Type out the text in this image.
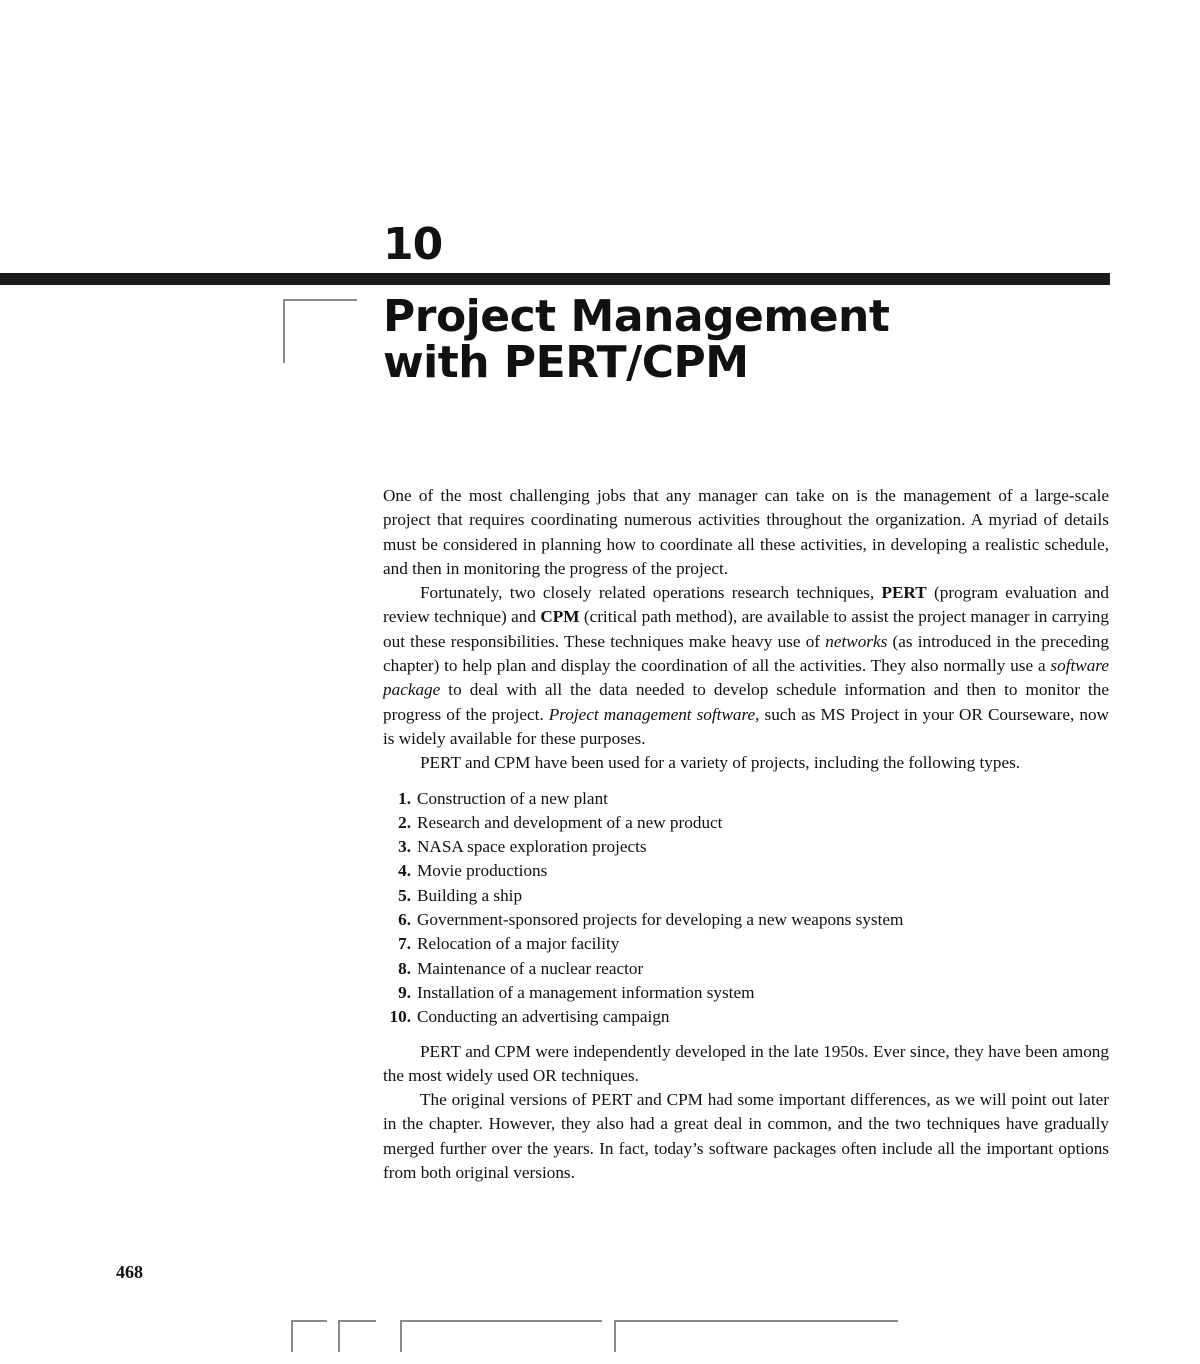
10
Project Management
with PERT/CPM

One of the most challenging jobs that any manager can take on is the management of a large-scale project that requires coordinating numerous activities throughout the organization. A myriad of details must be considered in planning how to coordinate all these activities, in developing a realistic schedule, and then in monitoring the progress of the project.

Fortunately, two closely related operations research techniques, PERT (program evaluation and review technique) and CPM (critical path method), are available to assist the project manager in carrying out these responsibilities. These techniques make heavy use of networks (as introduced in the preceding chapter) to help plan and display the coordination of all the activities. They also normally use a software package to deal with all the data needed to develop schedule information and then to monitor the progress of the project. Project management software, such as MS Project in your OR Courseware, now is widely available for these purposes.

PERT and CPM have been used for a variety of projects, including the following types.

1. Construction of a new plant
2. Research and development of a new product
3. NASA space exploration projects
4. Movie productions
5. Building a ship
6. Government-sponsored projects for developing a new weapons system
7. Relocation of a major facility
8. Maintenance of a nuclear reactor
9. Installation of a management information system
10. Conducting an advertising campaign

PERT and CPM were independently developed in the late 1950s. Ever since, they have been among the most widely used OR techniques.

The original versions of PERT and CPM had some important differences, as we will point out later in the chapter. However, they also had a great deal in common, and the two techniques have gradually merged further over the years. In fact, today’s software packages often include all the important options from both original versions.

468
